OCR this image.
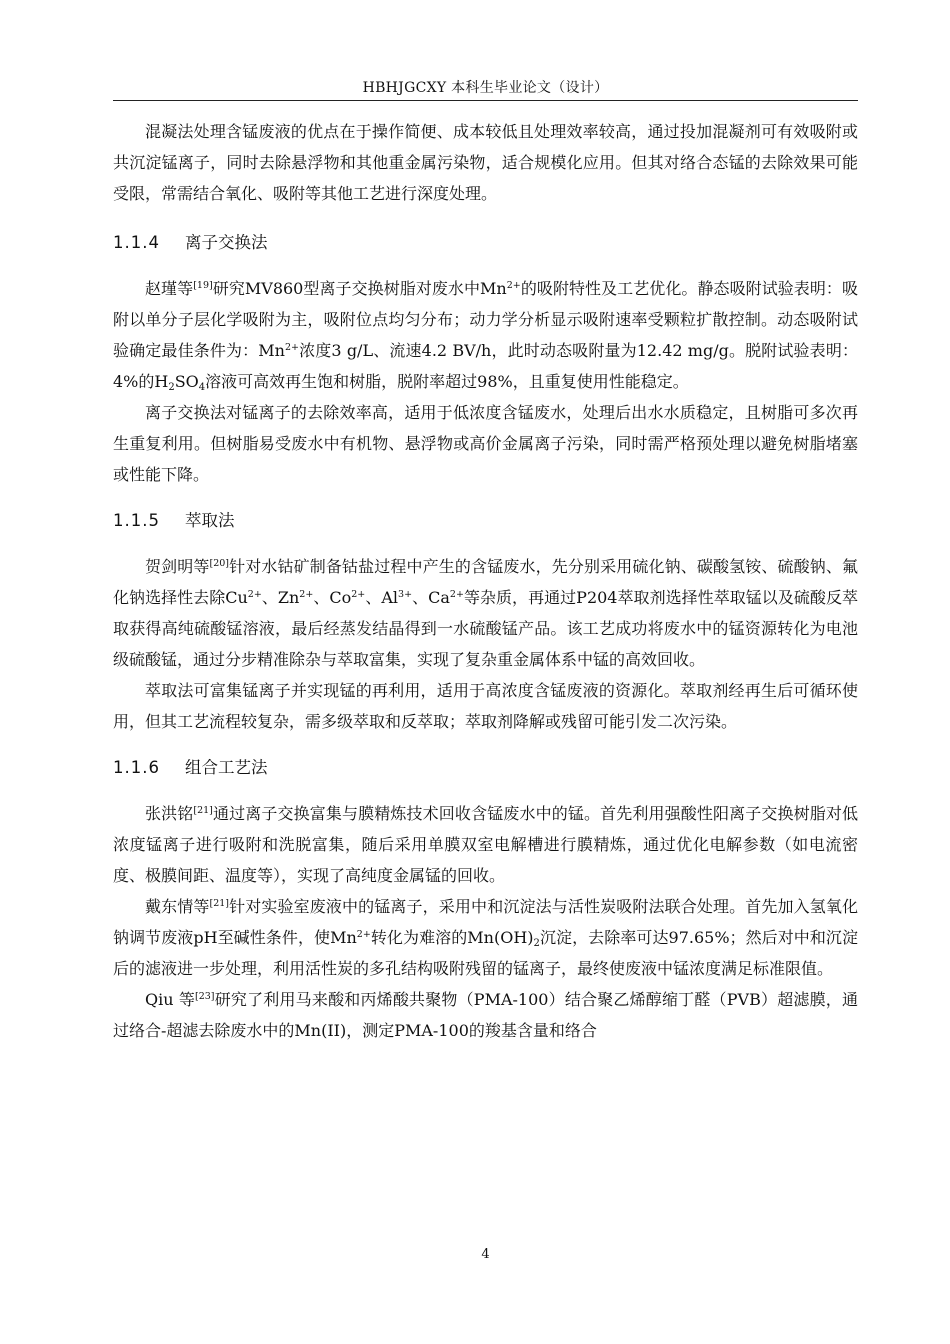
HBHJGCXY 本科生毕业论文（设计）

混凝法处理含锰废液的优点在于操作简便、成本较低且处理效率较高，通过投加混凝剂可有效吸附或共沉淀锰离子，同时去除悬浮物和其他重金属污染物，适合规模化应用。但其对络合态锰的去除效果可能受限，常需结合氧化、吸附等其他工艺进行深度处理。

1.1.4 离子交换法

赵瑾等[19]研究MV860型离子交换树脂对废水中$Mn^{2+}$的吸附特性及工艺优化。静态吸附试验表明：吸附以单分子层化学吸附为主，吸附位点均匀分布；动力学分析显示吸附速率受颗粒扩散控制。动态吸附试验确定最佳条件为：$Mn^{2+}$浓度3 g/L、流速4.2 BV/h，此时动态吸附量为12.42 mg/g。脱附试验表明：4%的$H_2SO_4$溶液可高效再生饱和树脂，脱附率超过98%，且重复使用性能稳定。

离子交换法对锰离子的去除效率高，适用于低浓度含锰废水，处理后出水水质稳定，且树脂可多次再生重复利用。但树脂易受废水中有机物、悬浮物或高价金属离子污染，同时需严格预处理以避免树脂堵塞或性能下降。

1.1.5 萃取法

贺剑明等[20]针对水钴矿制备钴盐过程中产生的含锰废水，先分别采用硫化钠、碳酸氢铵、硫酸钠、氟化钠选择性去除$Cu^{2+}$、$Zn^{2+}$、$Co^{2+}$、$Al^{3+}$、$Ca^{2+}$等杂质，再通过P204萃取剂选择性萃取锰以及硫酸反萃取获得高纯硫酸锰溶液，最后经蒸发结晶得到一水硫酸锰产品。该工艺成功将废水中的锰资源转化为电池级硫酸锰，通过分步精准除杂与萃取富集，实现了复杂重金属体系中锰的高效回收。

萃取法可富集锰离子并实现锰的再利用，适用于高浓度含锰废液的资源化。萃取剂经再生后可循环使用，但其工艺流程较复杂，需多级萃取和反萃取；萃取剂降解或残留可能引发二次污染。

1.1.6 组合工艺法

张洪铭[21]通过离子交换富集与膜精炼技术回收含锰废水中的锰。首先利用强酸性阳离子交换树脂对低浓度锰离子进行吸附和洗脱富集，随后采用单膜双室电解槽进行膜精炼，通过优化电解参数（如电流密度、极膜间距、温度等），实现了高纯度金属锰的回收。

戴东情等[21]针对实验室废液中的锰离子，采用中和沉淀法与活性炭吸附法联合处理。首先加入氢氧化钠调节废液pH至碱性条件，使$Mn^{2+}$转化为难溶的$Mn(OH)_2$沉淀，去除率可达97.65%；然后对中和沉淀后的滤液进一步处理，利用活性炭的多孔结构吸附残留的锰离子，最终使废液中锰浓度满足标准限值。

Qiu 等[23]研究了利用马来酸和丙烯酸共聚物（PMA-100）结合聚乙烯醇缩丁醛（PVB）超滤膜，通过络合-超滤去除废水中的Mn(II)，测定PMA-100的羧基含量和络合

4
